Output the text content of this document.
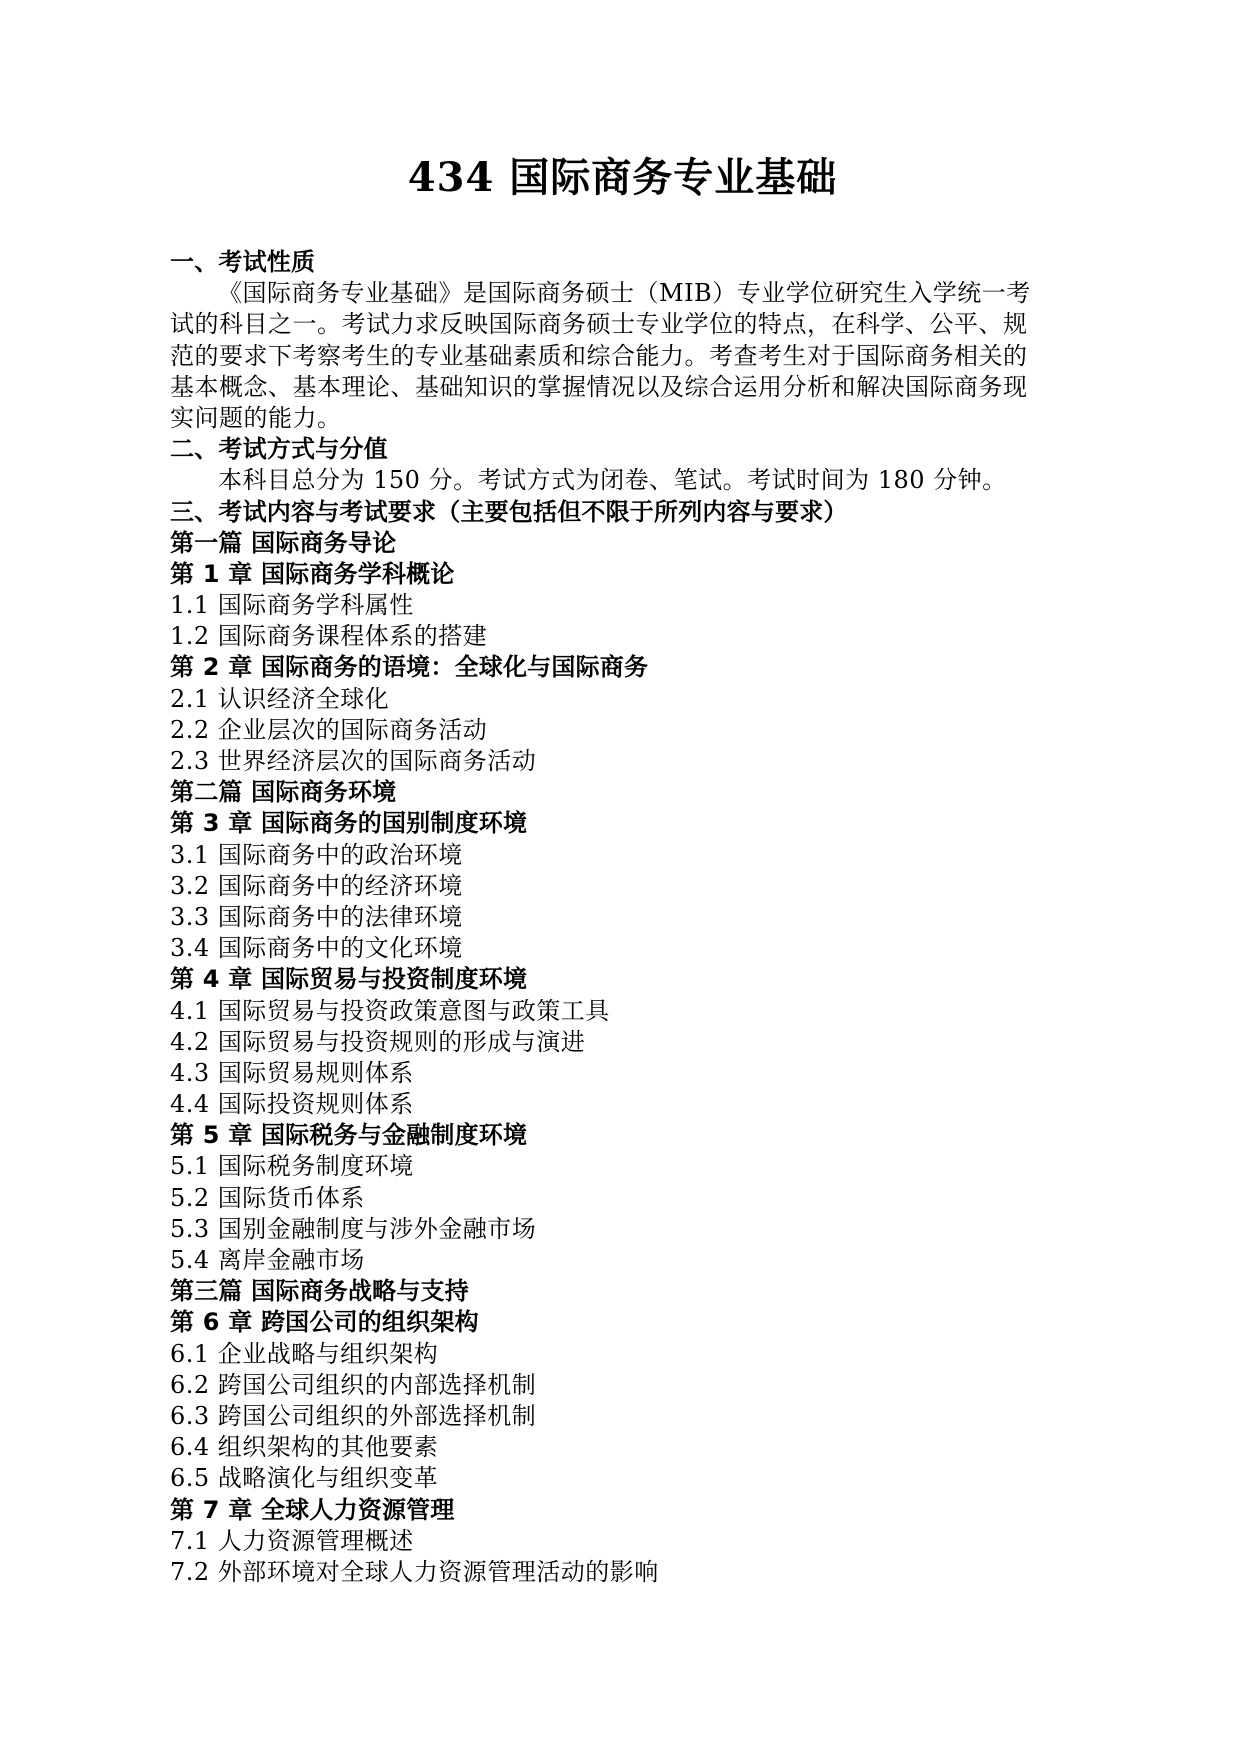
434 国际商务专业基础
一、考试性质
《国际商务专业基础》是国际商务硕士（MIB）专业学位研究生入学统一考
试的科目之一。考试力求反映国际商务硕士专业学位的特点，在科学、公平、规
范的要求下考察考生的专业基础素质和综合能力。考查考生对于国际商务相关的
基本概念、基本理论、基础知识的掌握情况以及综合运用分析和解决国际商务现
实问题的能力。
二、考试方式与分值
本科目总分为 150 分。考试方式为闭卷、笔试。考试时间为 180 分钟。
三、考试内容与考试要求（主要包括但不限于所列内容与要求）
第一篇 国际商务导论
第 1 章 国际商务学科概论
1.1 国际商务学科属性
1.2 国际商务课程体系的搭建
第 2 章 国际商务的语境：全球化与国际商务
2.1 认识经济全球化
2.2 企业层次的国际商务活动
2.3 世界经济层次的国际商务活动
第二篇 国际商务环境
第 3 章 国际商务的国别制度环境
3.1 国际商务中的政治环境
3.2 国际商务中的经济环境
3.3 国际商务中的法律环境
3.4 国际商务中的文化环境
第 4 章 国际贸易与投资制度环境
4.1 国际贸易与投资政策意图与政策工具
4.2 国际贸易与投资规则的形成与演进
4.3 国际贸易规则体系
4.4 国际投资规则体系
第 5 章 国际税务与金融制度环境
5.1 国际税务制度环境
5.2 国际货币体系
5.3 国别金融制度与涉外金融市场
5.4 离岸金融市场
第三篇 国际商务战略与支持
第 6 章 跨国公司的组织架构
6.1 企业战略与组织架构
6.2 跨国公司组织的内部选择机制
6.3 跨国公司组织的外部选择机制
6.4 组织架构的其他要素
6.5 战略演化与组织变革
第 7 章 全球人力资源管理
7.1 人力资源管理概述
7.2 外部环境对全球人力资源管理活动的影响
